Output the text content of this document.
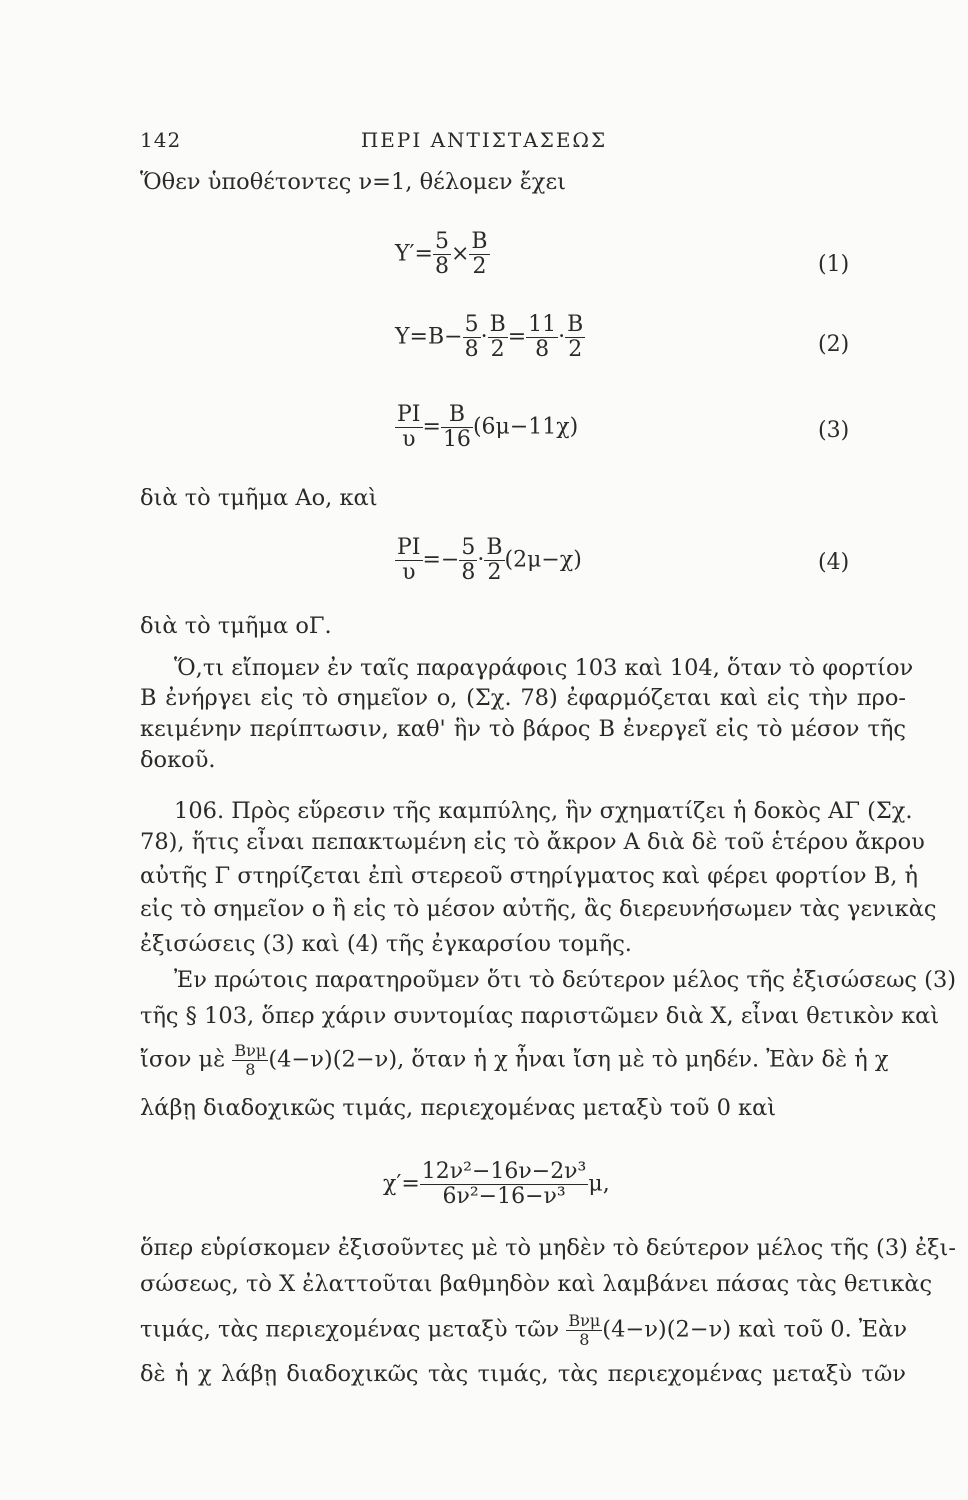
142	ΠΕΡΙ ΑΝΤΙΣΤΑΣΕΩΣ
Ὅθεν ὑποθέτοντες ν=1, θέλομεν ἔχει
$\Upsilon'= \frac{5}{8} \times \frac{B}{2}$	(1)
$\Upsilon=B- \frac{5}{8} \cdot \frac{B}{2} = \frac{11}{8} \cdot \frac{B}{2}$	(2)
$\frac{PI}{\upsilon} = \frac{B}{16} (6\mu-11\chi)$	(3)
διὰ τὸ τμῆμα Αο, καὶ
$\frac{PI}{\upsilon} =- \frac{5}{8} \cdot \frac{B}{2} (2\mu-\chi)$	(4)
διὰ τὸ τμῆμα οΓ.
Ὅ,τι εἴπομεν ἐν ταῖς παραγράφοις 103 καὶ 104, ὅταν τὸ φορτίον
Β ἐνήργει εἰς τὸ σημεῖον ο, (Σχ. 78) ἐφαρμόζεται καὶ εἰς τὴν προ-
κειμένην περίπτωσιν, καθ' ἣν τὸ βάρος Β ἐνεργεῖ εἰς τὸ μέσον τῆς
δοκοῦ.
106. Πρὸς εὕρεσιν τῆς καμπύλης, ἣν σχηματίζει ἡ δοκὸς ΑΓ (Σχ.
78), ἥτις εἶναι πεπακτωμένη εἰς τὸ ἄκρον Α διὰ δὲ τοῦ ἑτέρου ἄκρου
αὐτῆς Γ στηρίζεται ἐπὶ στερεοῦ στηρίγματος καὶ φέρει φορτίον Β, ἡ
εἰς τὸ σημεῖον ο ἢ εἰς τὸ μέσον αὐτῆς, ἂς διερευνήσωμεν τὰς γενικὰς
ἐξισώσεις (3) καὶ (4) τῆς ἐγκαρσίου τομῆς.
Ἐν πρώτοις παρατηροῦμεν ὅτι τὸ δεύτερον μέλος τῆς ἐξισώσεως (3)
τῆς § 103, ὅπερ χάριν συντομίας παριστῶμεν διὰ Χ, εἶναι θετικὸν καὶ
ἴσον μὲ $\frac{\text{Bνμ}}{8} (4-\nu)(2-\nu)$, ὅταν ἡ χ ἦναι ἴση μὲ τὸ μηδέν. Ἐὰν δὲ ἡ χ
λάβῃ διαδοχικῶς τιμάς, περιεχομένας μεταξὺ τοῦ 0 καὶ
$\chi'= \frac{\text{12ν²−16ν−2ν³}}{\text{6ν²−16−ν³}} \mu$,
ὅπερ εὑρίσκομεν ἐξισοῦντες μὲ τὸ μηδὲν τὸ δεύτερον μέλος τῆς (3) ἐξι-
σώσεως, τὸ Χ ἐλαττοῦται βαθμηδὸν καὶ λαμβάνει πάσας τὰς θετικὰς
τιμάς, τὰς περιεχομένας μεταξὺ τῶν $\frac{\text{Bνμ}}{8} (4-\nu)(2-\nu)$ καὶ τοῦ 0. Ἐὰν
δὲ ἡ χ λάβῃ διαδοχικῶς τὰς τιμάς, τὰς περιεχομένας μεταξὺ τῶν
